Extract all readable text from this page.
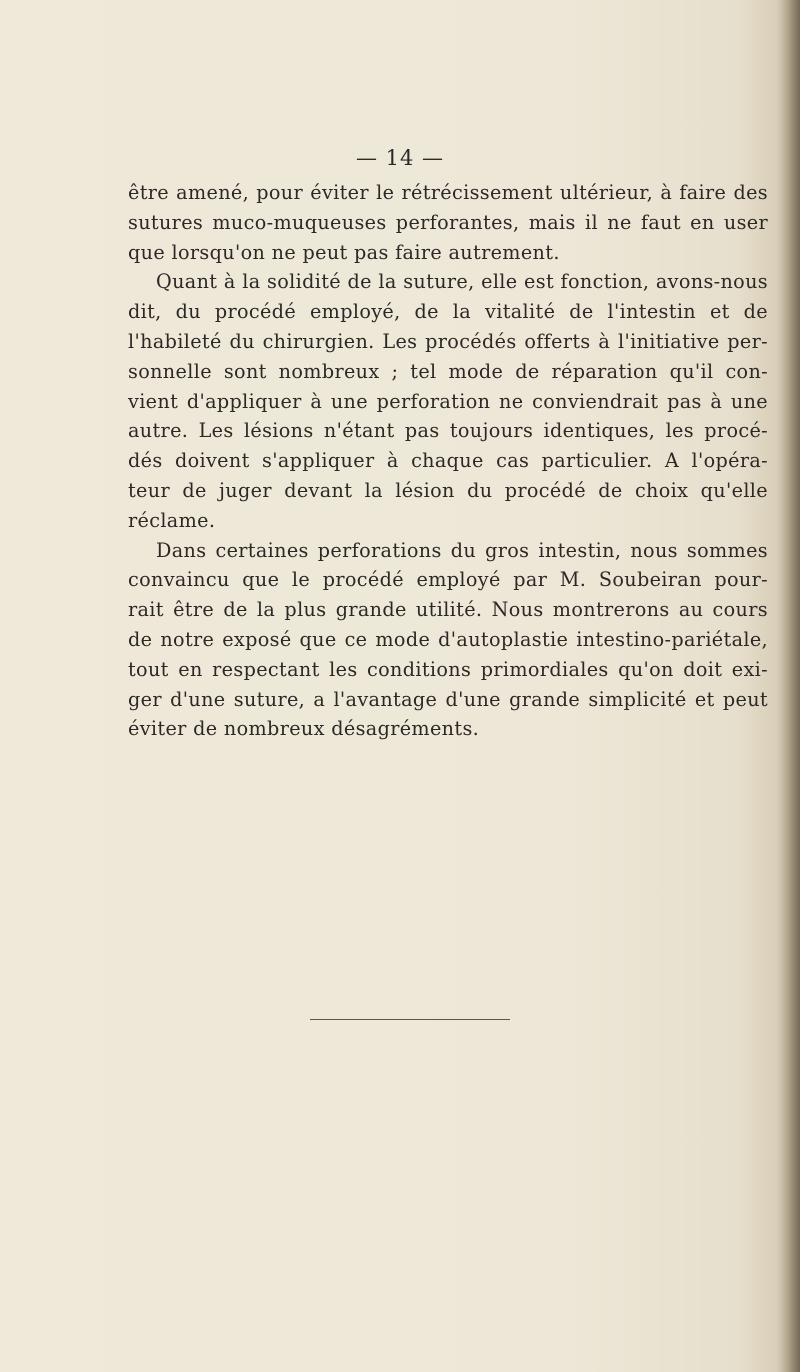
— 14 —
être amené, pour éviter le rétrécissement ultérieur, à faire des
sutures muco-muqueuses perforantes, mais il ne faut en user
que lorsqu'on ne peut pas faire autrement.
Quant à la solidité de la suture, elle est fonction, avons-nous
dit, du procédé employé, de la vitalité de l'intestin et de
l'habileté du chirurgien. Les procédés offerts à l'initiative per-
sonnelle sont nombreux ; tel mode de réparation qu'il con-
vient d'appliquer à une perforation ne conviendrait pas à une
autre. Les lésions n'étant pas toujours identiques, les procé-
dés doivent s'appliquer à chaque cas particulier. A l'opéra-
teur de juger devant la lésion du procédé de choix qu'elle
réclame.
Dans certaines perforations du gros intestin, nous sommes
convaincu que le procédé employé par M. Soubeiran pour-
rait être de la plus grande utilité. Nous montrerons au cours
de notre exposé que ce mode d'autoplastie intestino-pariétale,
tout en respectant les conditions primordiales qu'on doit exi-
ger d'une suture, a l'avantage d'une grande simplicité et peut
éviter de nombreux désagréments.
